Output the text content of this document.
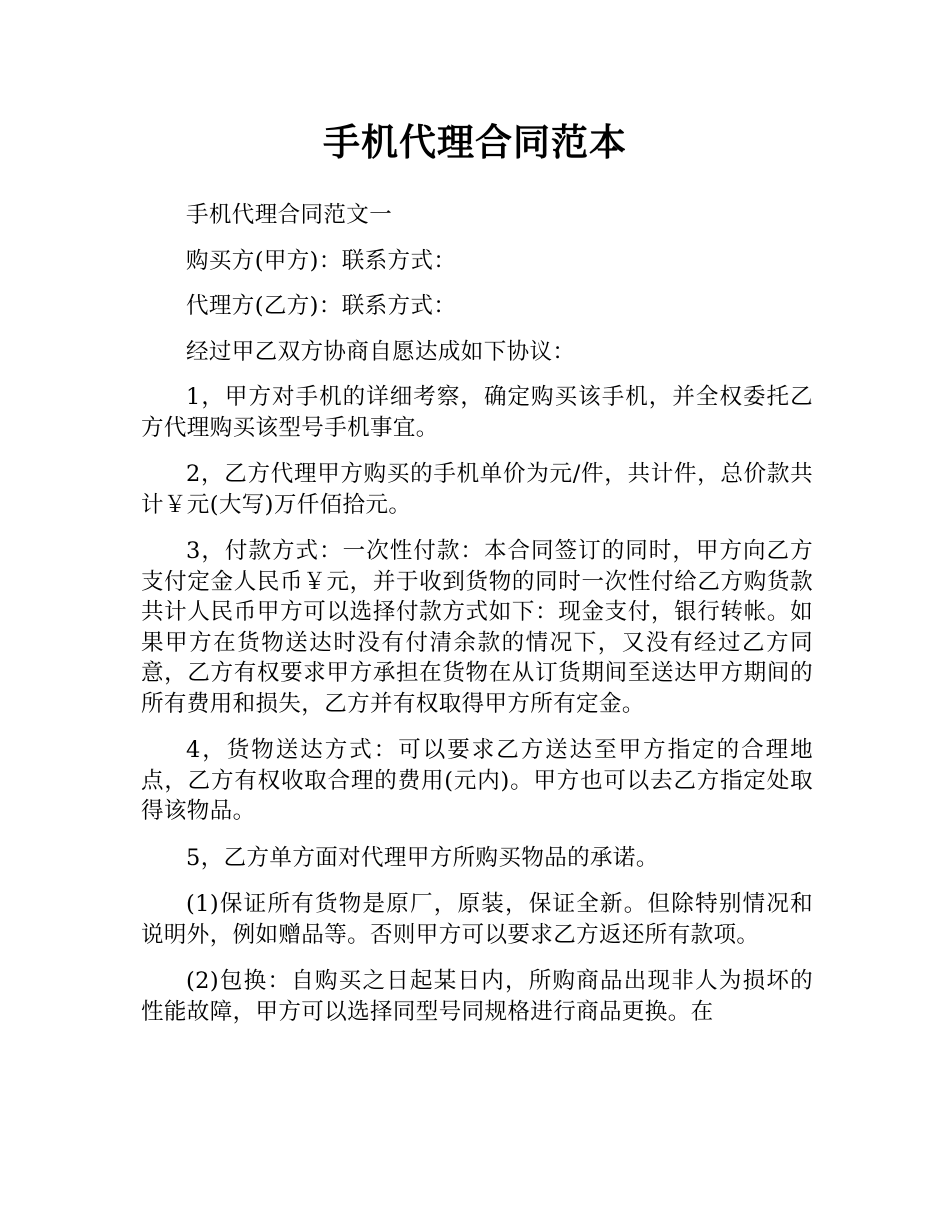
手机代理合同范本

手机代理合同范文一

购买方(甲方)：联系方式：

代理方(乙方)：联系方式：

经过甲乙双方协商自愿达成如下协议：

1，甲方对手机的详细考察，确定购买该手机，并全权委托乙方代理购买该型号手机事宜。

2，乙方代理甲方购买的手机单价为元/件，共计件，总价款共计￥元(大写)万仟佰拾元。

3，付款方式：一次性付款：本合同签订的同时，甲方向乙方支付定金人民币￥元，并于收到货物的同时一次性付给乙方购货款共计人民币甲方可以选择付款方式如下：现金支付，银行转帐。如果甲方在货物送达时没有付清余款的情况下，又没有经过乙方同意，乙方有权要求甲方承担在货物在从订货期间至送达甲方期间的所有费用和损失，乙方并有权取得甲方所有定金。

4，货物送达方式：可以要求乙方送达至甲方指定的合理地点，乙方有权收取合理的费用(元内)。甲方也可以去乙方指定处取得该物品。

5，乙方单方面对代理甲方所购买物品的承诺。

(1)保证所有货物是原厂，原装，保证全新。但除特别情况和说明外，例如赠品等。否则甲方可以要求乙方返还所有款项。

(2)包换：自购买之日起某日内，所购商品出现非人为损坏的性能故障，甲方可以选择同型号同规格进行商品更换。在
